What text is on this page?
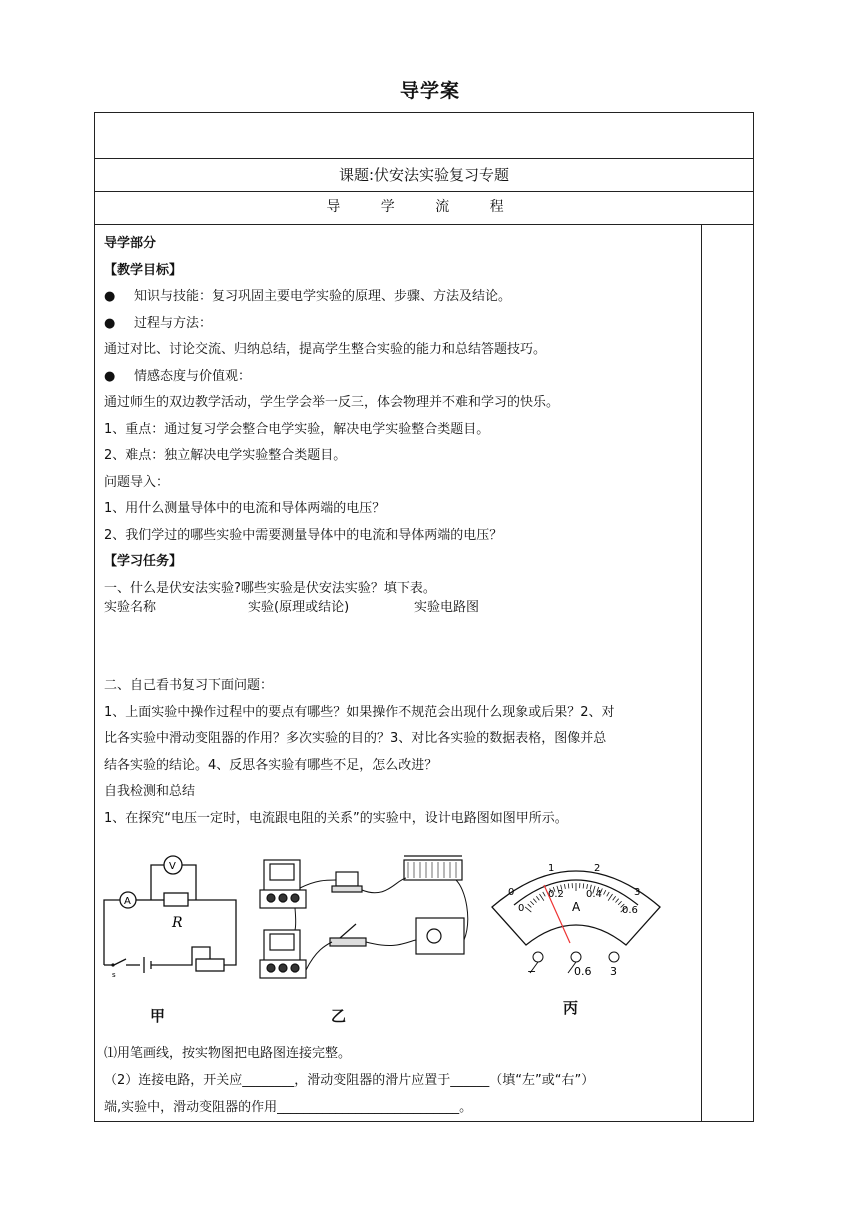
导学案
课题:伏安法实验复习专题
导 学 流 程
导学部分
【教学目标】
● 知识与技能：复习巩固主要电学实验的原理、步骤、方法及结论。
● 过程与方法：
通过对比、讨论交流、归纳总结，提高学生整合实验的能力和总结答题技巧。
● 情感态度与价值观：
通过师生的双边教学活动，学生学会举一反三，体会物理并不难和学习的快乐。
1、重点：通过复习学会整合电学实验，解决电学实验整合类题目。
2、难点：独立解决电学实验整合类题目。
问题导入：
1、用什么测量导体中的电流和导体两端的电压？
2、我们学过的哪些实验中需要测量导体中的电流和导体两端的电压？
【学习任务】
一、什么是伏安法实验?哪些实验是伏安法实验？填下表。
实验名称	实验(原理或结论)	实验电路图
二、自己看书复习下面问题：
1、上面实验中操作过程中的要点有哪些？如果操作不规范会出现什么现象或后果？2、对
比各实验中滑动变阻器的作用？多次实验的目的？3、对比各实验的数据表格，图像并总
结各实验的结论。4、反思各实验有哪些不足，怎么改进？
自我检测和总结
1、在探究“电压一定时，电流跟电阻的关系”的实验中，设计电路图如图甲所示。
⑴用笔画线，按实物图把电路图连接完整。
（2）连接电路，开关应________，滑动变阻器的滑片应置于______（填“左”或“右”）
端,实验中，滑动变阻器的作用____________________________。
A
V
R
s
甲	乙
0
1	2
3
0
0.2 0.4
0.6
A
−	0.6 3
丙
